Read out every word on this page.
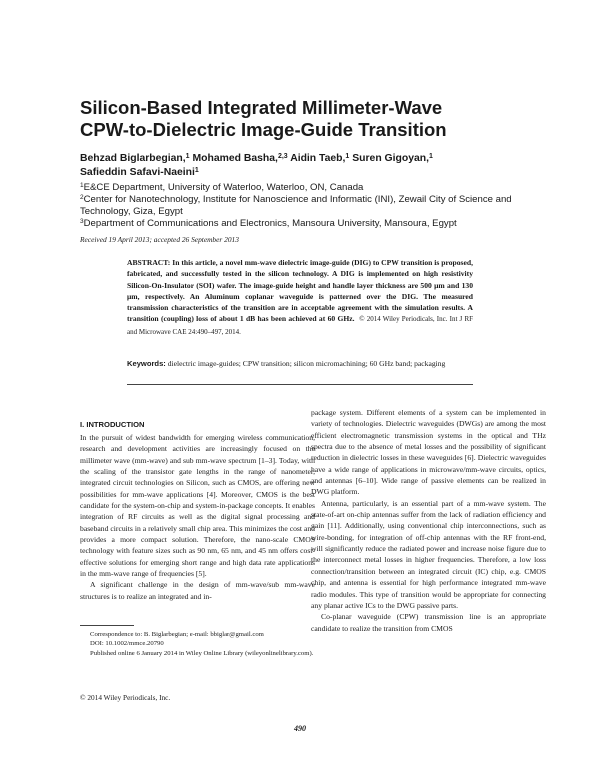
Silicon-Based Integrated Millimeter-Wave
CPW-to-Dielectric Image-Guide Transition
Behzad Biglarbegian,$^1$ Mohamed Basha,$^{2,3}$ Aidin Taeb,$^1$ Suren Gigoyan,$^1$
Safieddin Safavi-Naeini$^1$
$^1$E&CE Department, University of Waterloo, Waterloo, ON, Canada
$^2$Center for Nanotechnology, Institute for Nanoscience and Informatic (INI), Zewail City of Science and Technology, Giza, Egypt
$^3$Department of Communications and Electronics, Mansoura University, Mansoura, Egypt
Received 19 April 2013; accepted 26 September 2013
ABSTRACT: In this article, a novel mm-wave dielectric image-guide (DIG) to CPW transition is proposed, fabricated, and successfully tested in the silicon technology. A DIG is implemented on high resistivity Silicon-On-Insulator (SOI) wafer. The image-guide height and handle layer thickness are 500 μm and 130 μm, respectively. An Aluminum coplanar waveguide is patterned over the DIG. The measured transmission characteristics of the transition are in acceptable agreement with the simulation results. A transition (coupling) loss of about 1 dB has been achieved at 60 GHz. © 2014 Wiley Periodicals, Inc. Int J RF and Microwave CAE 24:490–497, 2014.
Keywords: dielectric image-guides; CPW transition; silicon micromachining; 60 GHz band; packaging
I. INTRODUCTION

In the pursuit of widest bandwidth for emerging wireless communication, research and development activities are increasingly focused on the millimeter wave (mm-wave) and sub mm-wave spectrum [1–3]. Today, with the scaling of the transistor gate lengths in the range of nanometer, integrated circuit technologies on Silicon, such as CMOS, are offering new possibilities for mm-wave applications [4]. Moreover, CMOS is the best candidate for the system-on-chip and system-in-package concepts. It enables integration of RF circuits as well as the digital signal processing and baseband circuits in a relatively small chip area. This minimizes the cost and provides a more compact solution. Therefore, the nano-scale CMOS technology with feature sizes such as 90 nm, 65 nm, and 45 nm offers cost-effective solutions for emerging short range and high data rate applications in the mm-wave range of frequencies [5].

A significant challenge in the design of mm-wave/sub mm-wave structures is to realize an integrated and in-

package system. Different elements of a system can be implemented in variety of technologies. Dielectric waveguides (DWGs) are among the most efficient electromagnetic transmission systems in the optical and THz spectra due to the absence of metal losses and the possibility of significant reduction in dielectric losses in these waveguides [6]. Dielectric waveguides have a wide range of applications in microwave/mm-wave circuits, optics, and antennas [6–10]. Wide range of passive elements can be realized in DWG platform.

Antenna, particularly, is an essential part of a mm-wave system. The state-of-art on-chip antennas suffer from the lack of radiation efficiency and gain [11]. Additionally, using conventional chip interconnections, such as wire-bonding, for integration of off-chip antennas with the RF front-end, will significantly reduce the radiated power and increase noise figure due to the interconnect metal losses in higher frequencies. Therefore, a low loss connection/transition between an integrated circuit (IC) chip, e.g. CMOS chip, and antenna is essential for high performance integrated mm-wave radio modules. This type of transition would be appropriate for connecting any planar active ICs to the DWG passive parts.

Co-planar waveguide (CPW) transmission line is an appropriate candidate to realize the transition from CMOS

Correspondence to: B. Biglarbegian; e-mail: bbiglar@gmail.com
DOI: 10.1002/mmce.20790
Published online 6 January 2014 in Wiley Online Library (wileyonlinelibrary.com).
© 2014 Wiley Periodicals, Inc.
490
